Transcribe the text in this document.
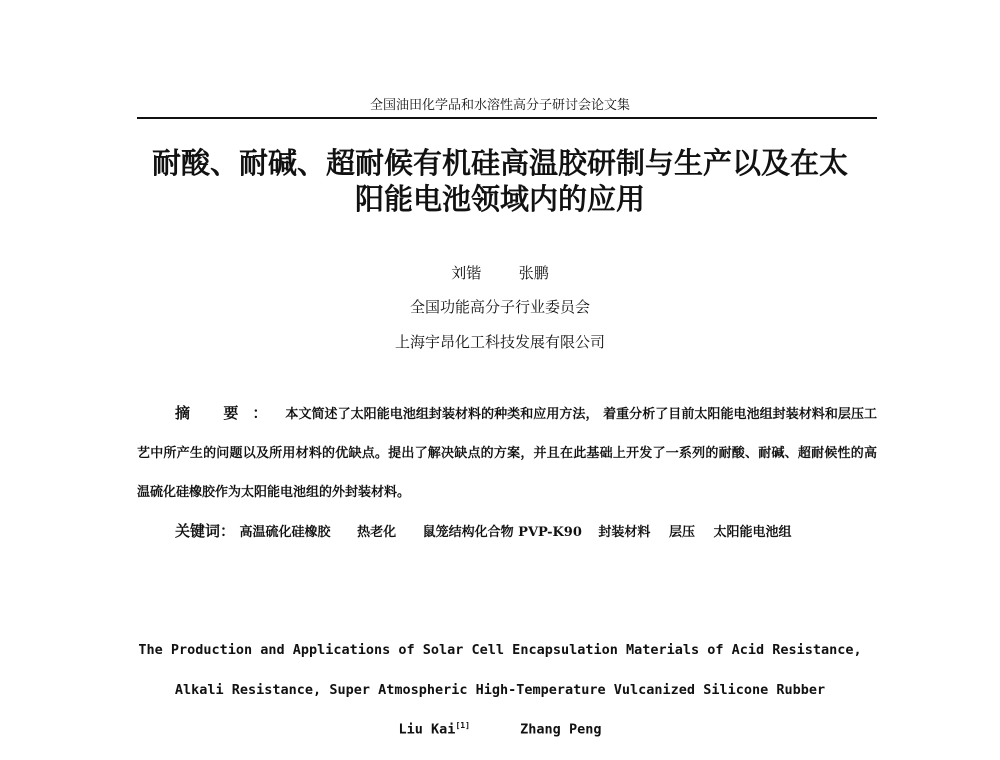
全国油田化学品和水溶性高分子研讨会论文集
耐酸、耐碱、超耐候有机硅高温胶研制与生产以及在太
阳能电池领域内的应用
刘锴	张鹏
全国功能高分子行业委员会
上海宇昂化工科技发展有限公司
摘 要： 本文简述了太阳能电池组封装材料的种类和应用方法， 着重分析了目前太阳能电池组封装材料和层压工艺中所产生的问题以及所用材料的优缺点。提出了解决缺点的方案，并且在此基础上开发了一系列的耐酸、耐碱、超耐候性的高温硫化硅橡胶作为太阳能电池组的外封装材料。
关键词： 高温硫化硅橡胶 热老化 鼠笼结构化合物 PVP-K90 封装材料 层压 太阳能电池组
The Production and Applications of Solar Cell Encapsulation Materials of Acid Resistance,
Alkali Resistance, Super Atmospheric High-Temperature Vulcanized Silicone Rubber
Liu Kai[1]	Zhang Peng
